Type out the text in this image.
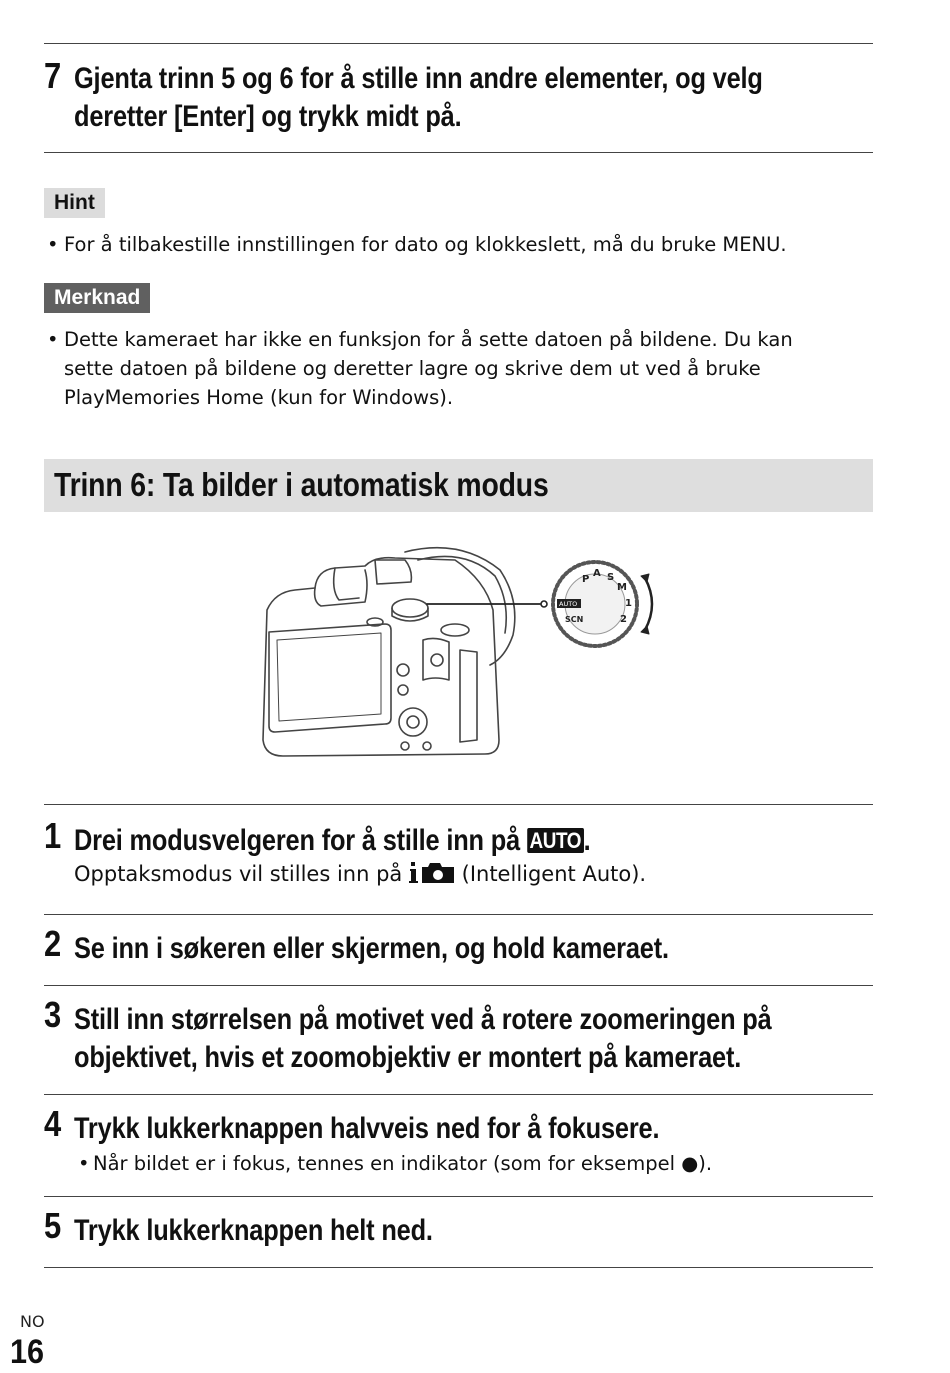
7 Gjenta trinn 5 og 6 for å stille inn andre elementer, og velg
deretter [Enter] og trykk midt på.
Hint
• For å tilbakestille innstillingen for dato og klokkeslett, må du bruke MENU.
Merknad
• Dette kameraet har ikke en funksjon for å sette datoen på bildene. Du kan
sette datoen på bildene og deretter lagre og skrive dem ut ved å bruke
PlayMemories Home (kun for Windows).
Trinn 6: Ta bilder i automatisk modus
P
A S
M
1
2
SCN
AUTO
1 Drei modusvelgeren for å stille inn på AUTO.
Opptaksmodus vil stilles inn på  (Intelligent Auto).
2 Se inn i søkeren eller skjermen, og hold kameraet.
3 Still inn størrelsen på motivet ved å rotere zoomeringen på
objektivet, hvis et zoomobjektiv er montert på kameraet.
4 Trykk lukkerknappen halvveis ned for å fokusere.
• Når bildet er i fokus, tennes en indikator (som for eksempel ●).
5 Trykk lukkerknappen helt ned.
NO
16
